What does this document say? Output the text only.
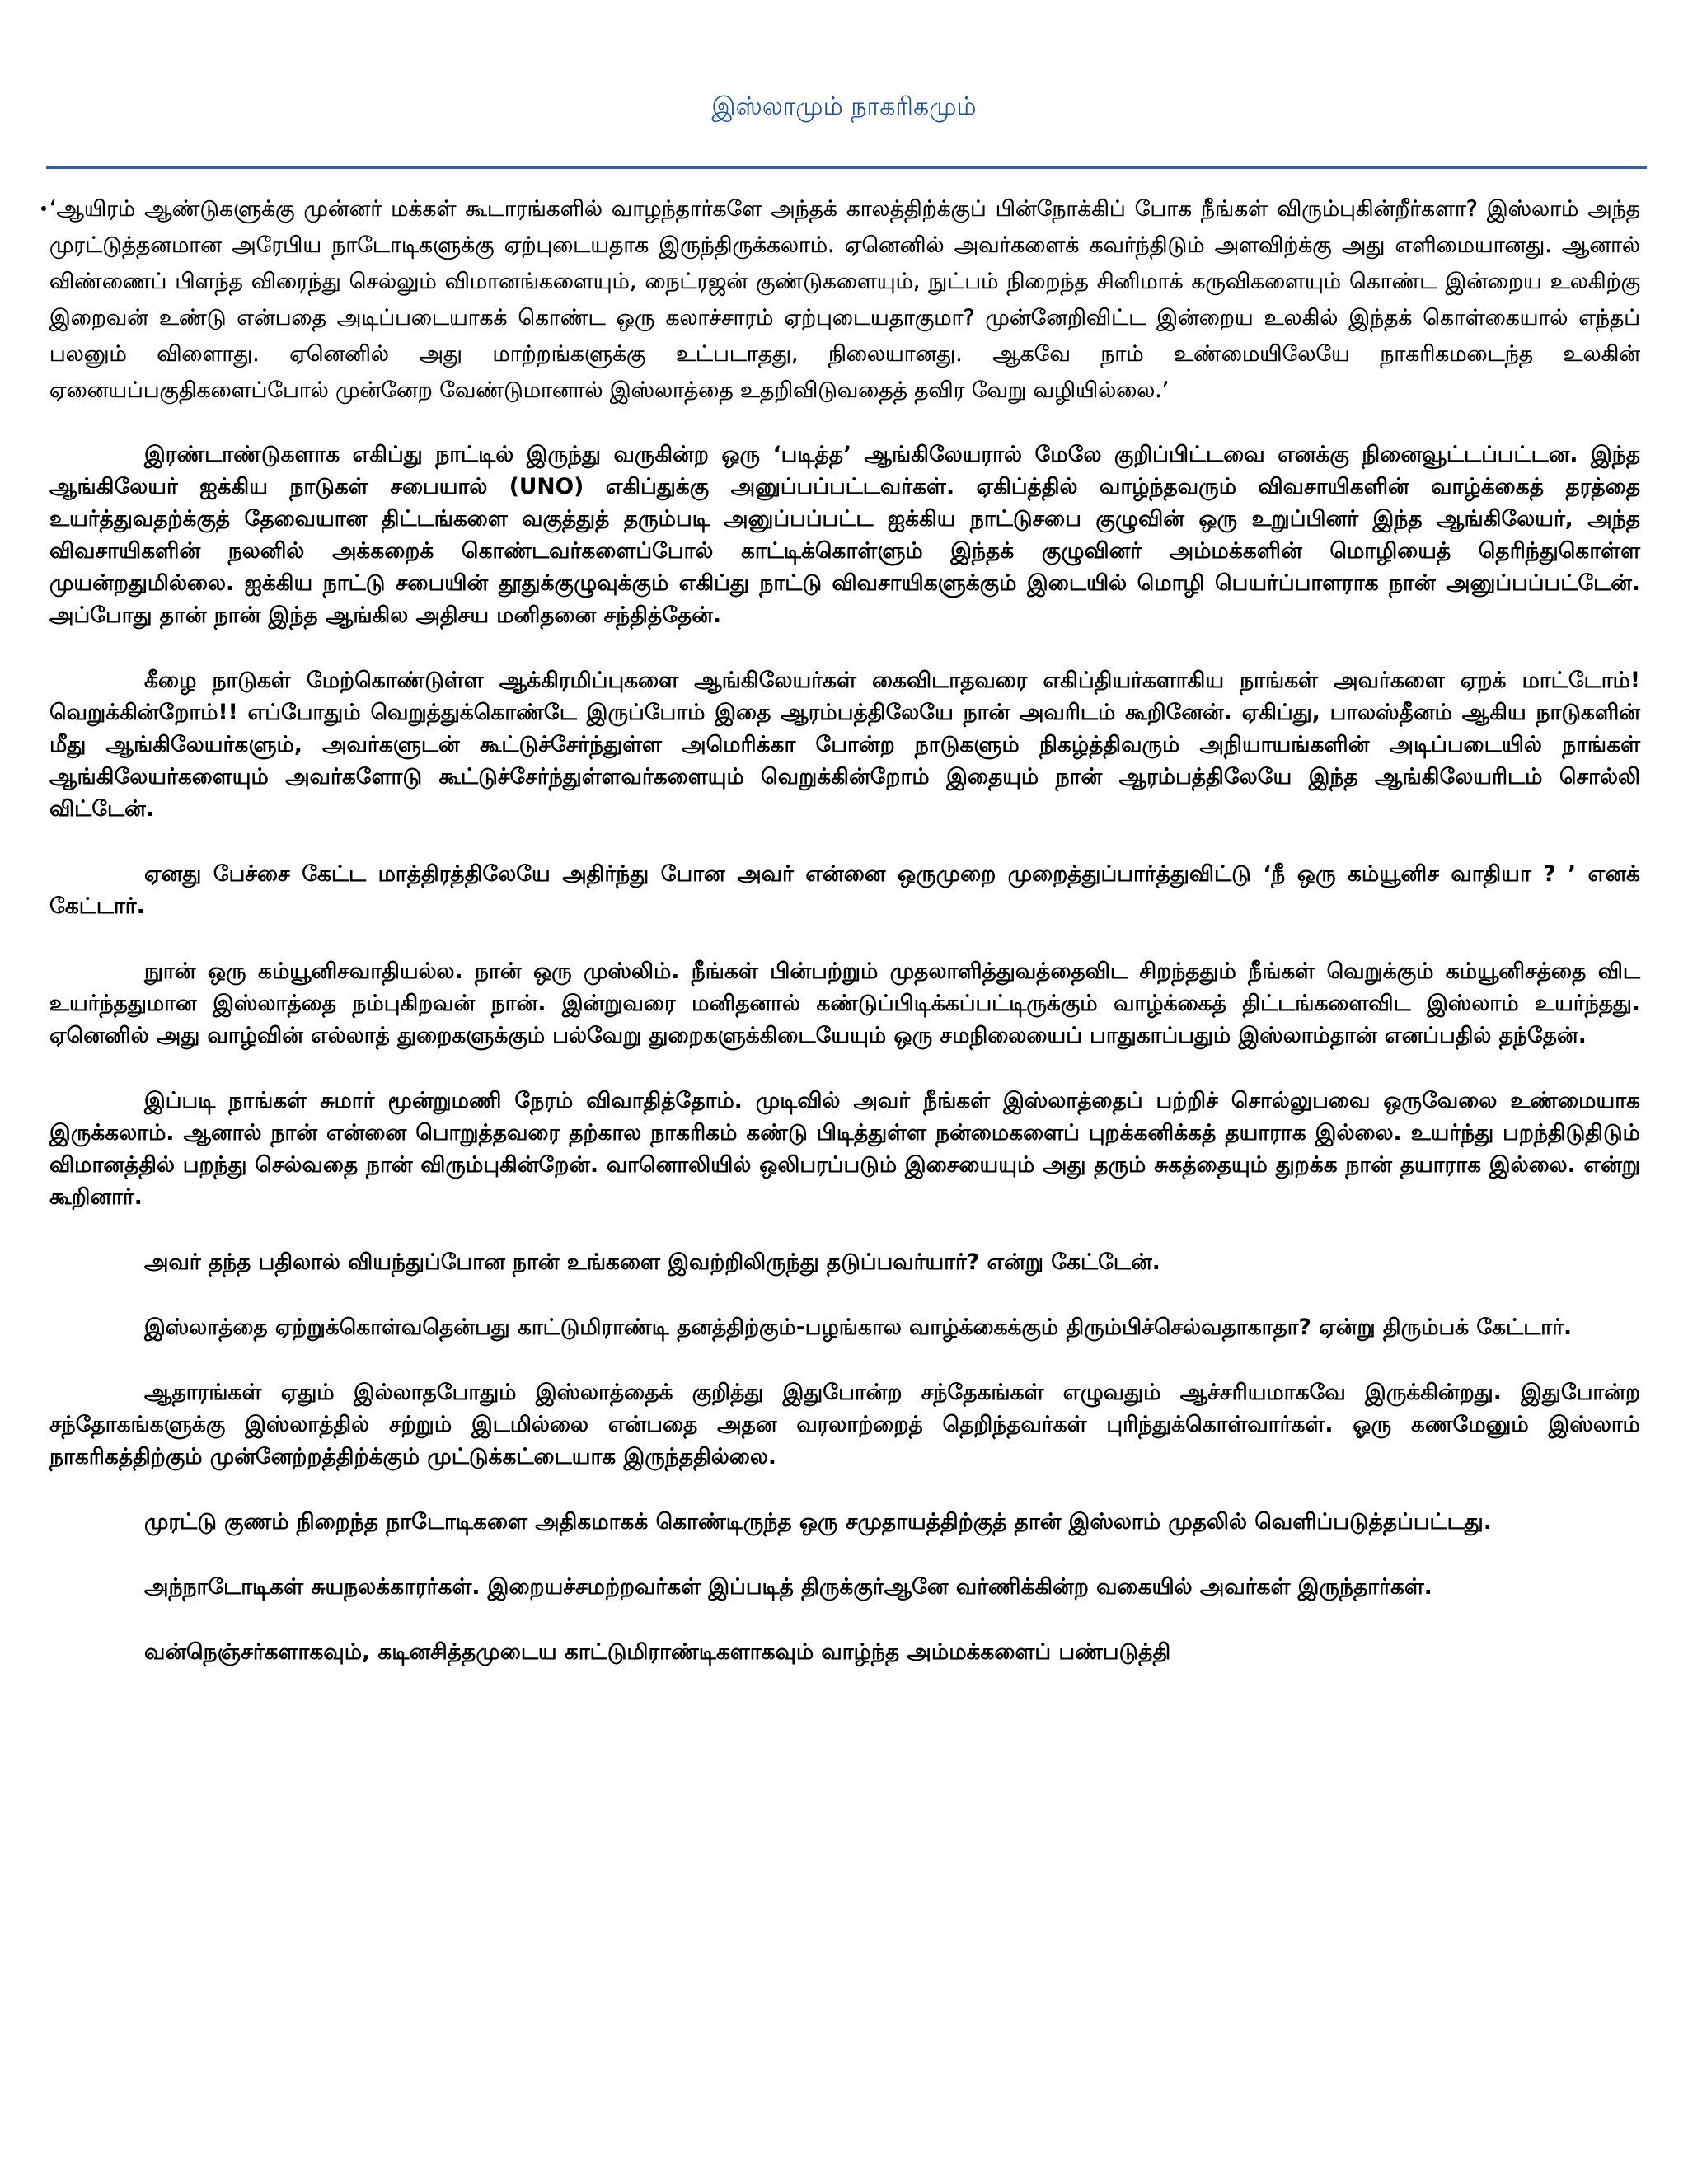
இஸ்லாமும் நாகரிகமும்

‘ஆயிரம் ஆண்டுகளுக்கு முன்னர் மக்கள் கூடாரங்களில் வாழந்தார்களே அந்தக் காலத்திற்க்குப் பின்நோக்கிப் போக நீங்கள் விரும்புகின்றீர்களா? இஸ்லாம் அந்த முரட்டுத்தனமான அரேபிய நாடோடிகளுக்கு ஏற்புடையதாக இருந்திருக்கலாம். ஏனெனில் அவர்களைக் கவர்ந்திடும் அளவிற்க்கு அது எளிமையானது. ஆனால் விண்ணைப் பிளந்த விரைந்து செல்லும் விமானங்களையும், நைட்ரஜன் குண்டுகளையும், நுட்பம் நிறைந்த சினிமாக் கருவிகளையும் கொண்ட இன்றைய உலகிற்கு இறைவன் உண்டு என்பதை அடிப்படையாகக் கொண்ட ஒரு கலாச்சாரம் ஏற்புடையதாகுமா? முன்னேறிவிட்ட இன்றைய உலகில் இந்தக் கொள்கையால் எந்தப் பலனும் விளைாது. ஏனெனில் அது மாற்றங்களுக்கு உட்படாதது, நிலையானது. ஆகவே நாம் உண்மையிலேயே நாகரிகமடைந்த உலகின் ஏனையப்பகுதிகளைப்போல் முன்னேற வேண்டுமானால் இஸ்லாத்தை உதறிவிடுவதைத் தவிர வேறு வழியில்லை.’

இரண்டாண்டுகளாக எகிப்து நாட்டில் இருந்து வருகின்ற ஒரு ‘படித்த’ ஆங்கிலேயரால் மேலே குறிப்பிட்டவை எனக்கு நினைவூட்டப்பட்டன. இந்த ஆங்கிலேயர் ஐக்கிய நாடுகள் சபையால் (UNO) எகிப்துக்கு அனுப்பப்பட்டவர்கள். ஏகிப்த்தில் வாழ்ந்தவரும் விவசாயிகளின் வாழ்க்கைத் தரத்தை உயர்த்துவதற்க்குத் தேவையான திட்டங்களை வகுத்துத் தரும்படி அனுப்பப்பட்ட ஐக்கிய நாட்டுசபை குழுவின் ஒரு உறுப்பினர் இந்த ஆங்கிலேயர், அந்த விவசாயிகளின் நலனில் அக்கறைக் கொண்டவர்களைப்போல் காட்டிக்கொள்ளும் இந்தக் குழுவினர் அம்மக்களின் மொழியைத் தெரிந்துகொள்ள முயன்றதுமில்லை. ஐக்கிய நாட்டு சபையின் தூதுக்குழுவுக்கும் எகிப்து நாட்டு விவசாயிகளுக்கும் இடையில் மொழி பெயர்ப்பாளராக நான் அனுப்பப்பட்டேன். அப்போது தான் நான் இந்த ஆங்கில அதிசய மனிதனை சந்தித்தேன்.

கீழை நாடுகள் மேற்கொண்டுள்ள ஆக்கிரமிப்புகளை ஆங்கிலேயர்கள் கைவிடாதவரை எகிப்தியர்களாகிய நாங்கள் அவர்களை ஏறக் மாட்டோம்! வெறுக்கின்றோம்!! எப்போதும் வெறுத்துக்கொண்டே இருப்போம் இதை ஆரம்பத்திலேயே நான் அவரிடம் கூறினேன். ஏகிப்து, பாலஸ்தீனம் ஆகிய நாடுகளின் மீது ஆங்கிலேயர்களும், அவர்களுடன் கூட்டுச்சேர்ந்துள்ள அமெரிக்கா போன்ற நாடுகளும் நிகழ்த்திவரும் அநியாயங்களின் அடிப்படையில் நாங்கள் ஆங்கிலேயர்களையும் அவர்களோடு கூட்டுச்சேர்ந்துள்ளவர்களையும் வெறுக்கின்றோம் இதையும் நான் ஆரம்பத்திலேயே இந்த ஆங்கிலேயரிடம் சொல்லி விட்டேன்.

ஏனது பேச்சை கேட்ட மாத்திரத்திலேயே அதிர்ந்து போன அவர் என்னை ஒருமுறை முறைத்துப்பார்த்துவிட்டு ‘நீ ஒரு கம்யூனிச வாதியா ? ’ எனக் கேட்டார்.

நுான் ஒரு கம்யூனிசவாதியல்ல. நான் ஒரு முஸ்லிம். நீங்கள் பின்பற்றும் முதலாளித்துவத்தைவிட சிறந்ததும் நீங்கள் வெறுக்கும் கம்யூனிசத்தை விட உயர்ந்ததுமான இஸ்லாத்தை நம்புகிறவன் நான். இன்றுவரை மனிதனால் கண்டுப்பிடிக்கப்பட்டிருக்கும் வாழ்க்கைத் திட்டங்களைவிட இஸ்லாம் உயர்ந்தது. ஏனெனில் அது வாழ்வின் எல்லாத் துறைகளுக்கும் பல்வேறு துறைகளுக்கிடையேயும் ஒரு சமநிலையைப் பாதுகாப்பதும் இஸ்லாம்தான் எனப்பதில் தந்தேன்.

இப்படி நாங்கள் சுமார் மூன்றுமணி நேரம் விவாதித்தோம். முடிவில் அவர் நீங்கள் இஸ்லாத்தைப் பற்றிச் சொல்லுபவை ஒருவேலை உண்மையாக இருக்கலாம். ஆனால் நான் என்னை பொறுத்தவரை தற்கால நாகரிகம் கண்டு பிடித்துள்ள நன்மைகளைப் புறக்கனிக்கத் தயாராக இல்லை. உயர்ந்து பறந்திடுதிடும் விமானத்தில் பறந்து செல்வதை நான் விரும்புகின்றேன். வானொலியில் ஒலிபரப்படும் இசையையும் அது தரும் சுகத்தையும் துறக்க நான் தயாராக இல்லை. என்று கூறினார்.

அவர் தந்த பதிலால் வியந்துப்போன நான் உங்களை இவற்றிலிருந்து தடுப்பவர்யார்? என்று கேட்டேன்.

இஸ்லாத்தை ஏற்றுக்கொள்வதென்பது காட்டுமிராண்டி தனத்திற்கும்-பழங்கால வாழ்க்கைக்கும் திரும்பிச்செல்வதாகாதா? ஏன்று திரும்பக் கேட்டார்.

ஆதாரங்கள் ஏதும் இல்லாதபோதும் இஸ்லாத்தைக் குறித்து இதுபோன்ற சந்தேகங்கள் எழுவதும் ஆச்சரியமாகவே இருக்கின்றது. இதுபோன்ற சந்தோகங்களுக்கு இஸ்லாத்தில் சற்றும் இடமில்லை என்பதை அதன வரலாற்றைத் தெறிந்தவர்கள் புரிந்துக்கொள்வார்கள். ஓரு கணமேனும் இஸ்லாம் நாகரிகத்திற்கும் முன்னேற்றத்திற்க்கும் முட்டுக்கட்டையாக இருந்ததில்லை.

முரட்டு குணம் நிறைந்த நாடோடிகளை அதிகமாகக் கொண்டிருந்த ஒரு சமுதாயத்திற்குத் தான் இஸ்லாம் முதலில் வெளிப்படுத்தப்பட்டது.

அந்நாடோடிகள் சுயநலக்காரர்கள். இறையச்சமற்றவர்கள் இப்படித் திருக்குர்ஆனே வர்ணிக்கின்ற வகையில் அவர்கள் இருந்தார்கள்.

வன்நெஞ்சர்களாகவும், கடினசித்தமுடைய காட்டுமிராண்டிகளாகவும் வாழ்ந்த அம்மக்களைப் பண்படுத்தி
